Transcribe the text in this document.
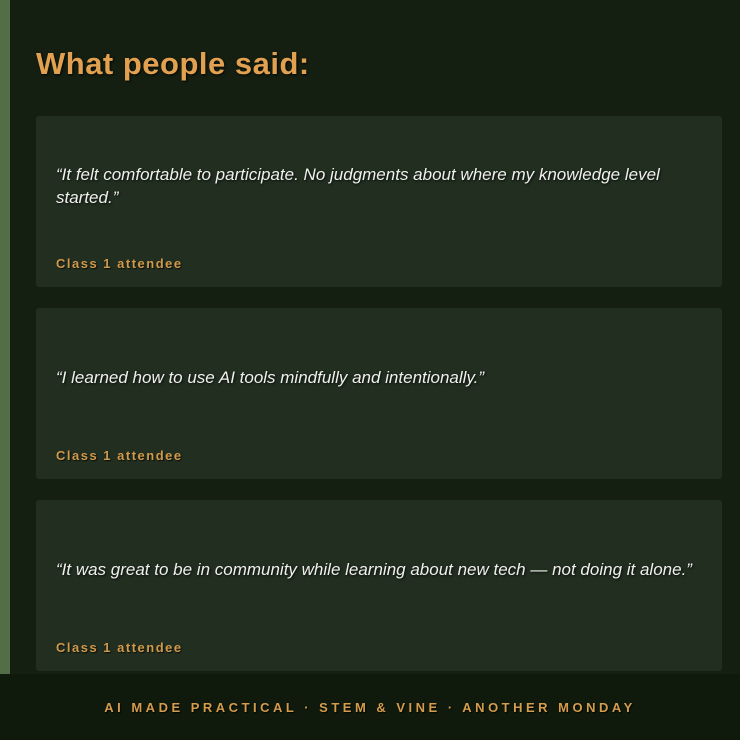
What people said:

“It felt comfortable to participate. No judgments about where my knowledge level started.”

Class 1 attendee

“I learned how to use AI tools mindfully and intentionally.”

Class 1 attendee

“It was great to be in community while learning about new tech — not doing it alone.”

Class 1 attendee
AI MADE PRACTICAL · STEM & VINE · ANOTHER MONDAY
